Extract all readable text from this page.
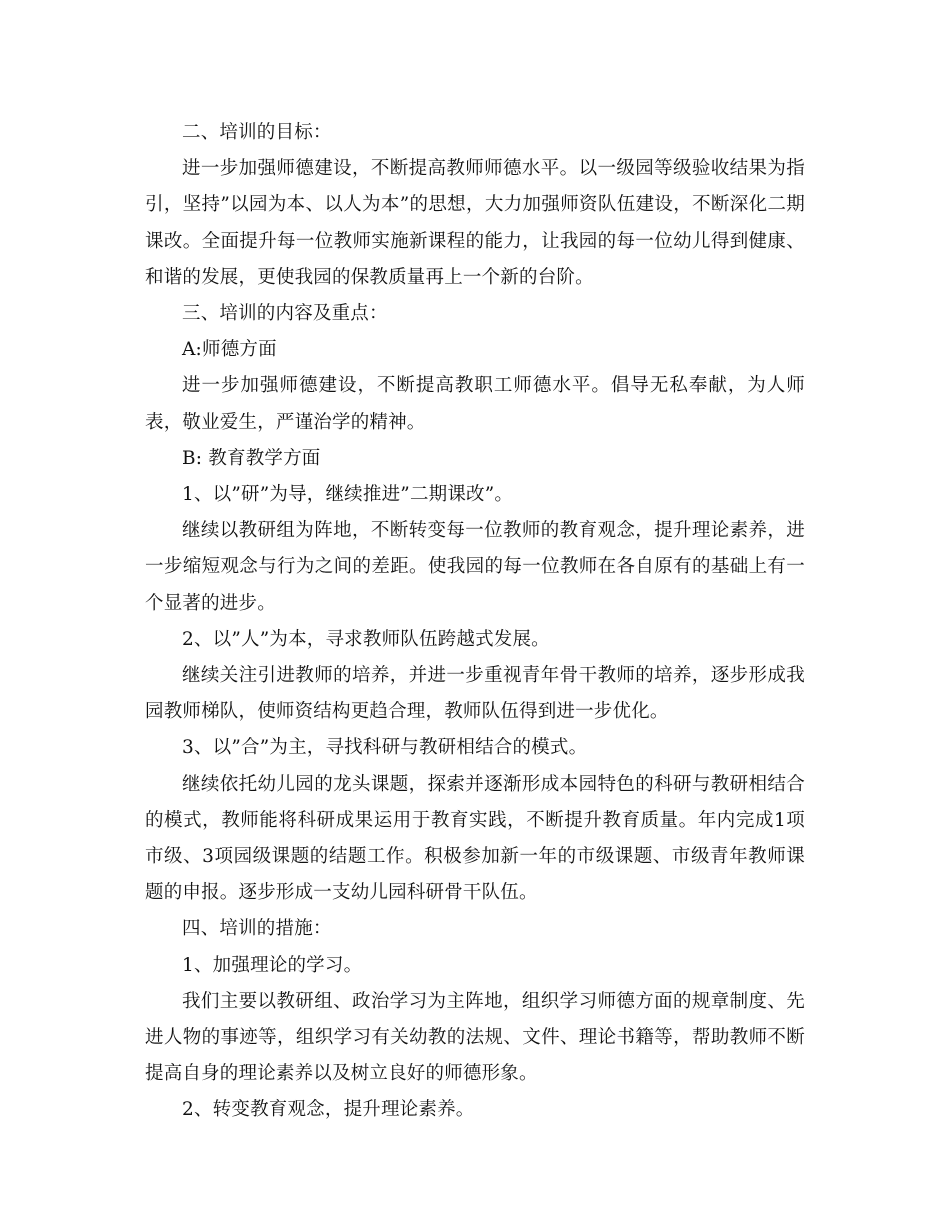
二、培训的目标：

进一步加强师德建设，不断提高教师师德水平。以一级园等级验收结果为指引，坚持”以园为本、以人为本”的思想，大力加强师资队伍建设，不断深化二期课改。全面提升每一位教师实施新课程的能力，让我园的每一位幼儿得到健康、和谐的发展，更使我园的保教质量再上一个新的台阶。

三、培训的内容及重点：

A:师德方面

进一步加强师德建设，不断提高教职工师德水平。倡导无私奉献，为人师表，敬业爱生，严谨治学的精神。

B: 教育教学方面

1、以”研”为导，继续推进”二期课改”。

继续以教研组为阵地，不断转变每一位教师的教育观念，提升理论素养，进一步缩短观念与行为之间的差距。使我园的每一位教师在各自原有的基础上有一个显著的进步。

2、以”人”为本，寻求教师队伍跨越式发展。

继续关注引进教师的培养，并进一步重视青年骨干教师的培养，逐步形成我园教师梯队，使师资结构更趋合理，教师队伍得到进一步优化。

3、以”合”为主，寻找科研与教研相结合的模式。

继续依托幼儿园的龙头课题，探索并逐渐形成本园特色的科研与教研相结合的模式，教师能将科研成果运用于教育实践，不断提升教育质量。年内完成1项市级、3项园级课题的结题工作。积极参加新一年的市级课题、市级青年教师课题的申报。逐步形成一支幼儿园科研骨干队伍。

四、培训的措施：

1、加强理论的学习。

我们主要以教研组、政治学习为主阵地，组织学习师德方面的规章制度、先进人物的事迹等，组织学习有关幼教的法规、文件、理论书籍等，帮助教师不断提高自身的理论素养以及树立良好的师德形象。

2、转变教育观念，提升理论素养。
